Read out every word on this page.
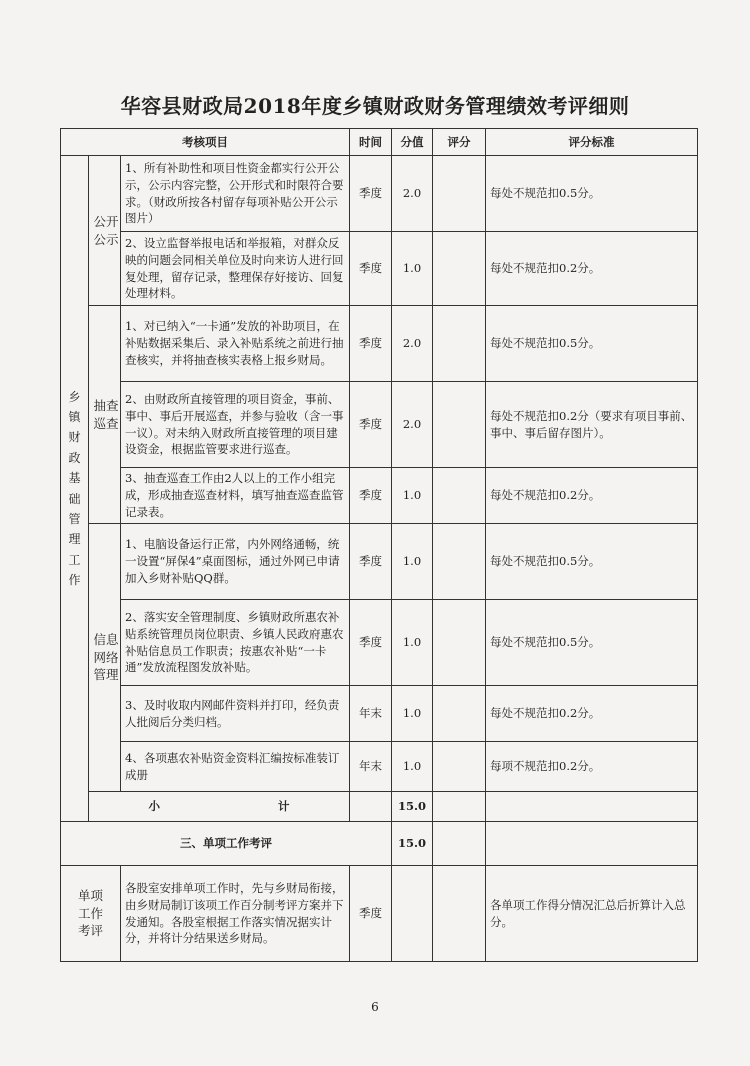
华容县财政局2018年度乡镇财政财务管理绩效考评细则
考核项目			时间	分值	评分	评分标准
乡镇财政基础管理工作	公开公示	1、所有补助性和项目性资金都实行公开公示，公示内容完整，公开形式和时限符合要求。（财政所按各村留存每项补贴公开公示图片）	季度	2.0		每处不规范扣0.5分。
		2、设立监督举报电话和举报箱，对群众反映的问题会同相关单位及时向来访人进行回复处理，留存记录，整理保存好接访、回复处理材料。	季度	1.0		每处不规范扣0.2分。
	抽查巡查	1、对已纳入“一卡通”发放的补助项目，在补贴数据采集后、录入补贴系统之前进行抽查核实，并将抽查核实表格上报乡财局。	季度	2.0		每处不规范扣0.5分。
		2、由财政所直接管理的项目资金，事前、事中、事后开展巡查，并参与验收（含一事一议）。对未纳入财政所直接管理的项目建设资金，根据监管要求进行巡查。	季度	2.0		每处不规范扣0.2分（要求有项目事前、事中、事后留存图片）。
		3、抽查巡查工作由2人以上的工作小组完成，形成抽查巡查材料，填写抽查巡查监管记录表。	季度	1.0		每处不规范扣0.2分。
	信息网络管理	1、电脑设备运行正常，内外网络通畅，统一设置“屏保4”桌面图标，通过外网已申请加入乡财补贴QQ群。	季度	1.0		每处不规范扣0.5分。
		2、落实安全管理制度、乡镇财政所惠农补贴系统管理员岗位职责、乡镇人民政府惠农补贴信息员工作职责；按惠农补贴“一卡通”发放流程图发放补贴。	季度	1.0		每处不规范扣0.5分。
		3、及时收取内网邮件资料并打印，经负责人批阅后分类归档。	年末	1.0		每处不规范扣0.2分。
		4、各项惠农补贴资金资料汇编按标准装订成册	年末	1.0		每项不规范扣0.2分。
	小 计			15.0		
三、单项工作考评				15.0		
单项工作考评		各股室安排单项工作时，先与乡财局衔接，由乡财局制订该项工作百分制考评方案并下发通知。各股室根据工作落实情况据实计分，并将计分结果送乡财局。	季度			各单项工作得分情况汇总后折算计入总分。
6
